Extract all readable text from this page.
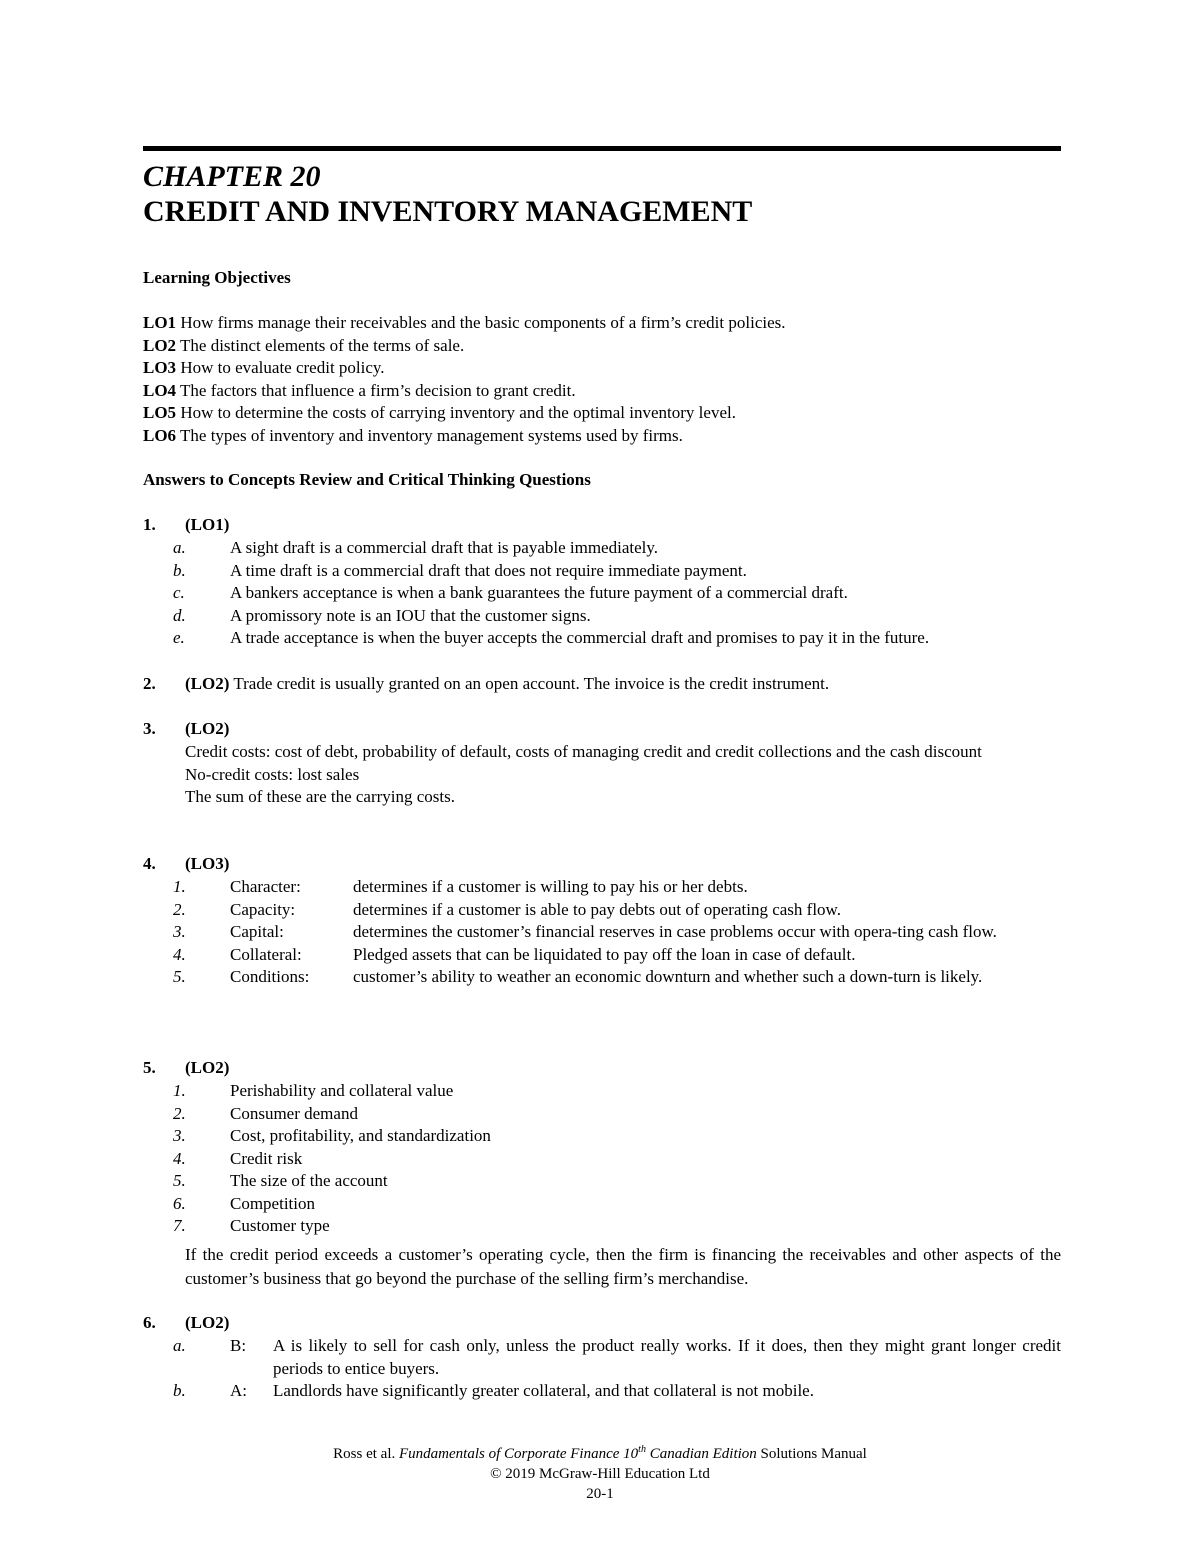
CHAPTER 20
CREDIT AND INVENTORY MANAGEMENT
Learning Objectives
LO1 How firms manage their receivables and the basic components of a firm’s credit policies.
LO2 The distinct elements of the terms of sale.
LO3 How to evaluate credit policy.
LO4 The factors that influence a firm’s decision to grant credit.
LO5 How to determine the costs of carrying inventory and the optimal inventory level.
LO6 The types of inventory and inventory management systems used by firms.
Answers to Concepts Review and Critical Thinking Questions
1. (LO1)
a.	A sight draft is a commercial draft that is payable immediately.
b.	A time draft is a commercial draft that does not require immediate payment.
c.	A bankers acceptance is when a bank guarantees the future payment of a commercial draft.
d.	A promissory note is an IOU that the customer signs.
e.	A trade acceptance is when the buyer accepts the commercial draft and promises to pay it in the future.
2. (LO2) Trade credit is usually granted on an open account. The invoice is the credit instrument.
3. (LO2)
Credit costs: cost of debt, probability of default, costs of managing credit and credit collections and the cash discount
No-credit costs: lost sales
The sum of these are the carrying costs.
4. (LO3)
1.	Character:	determines if a customer is willing to pay his or her debts.
2.	Capacity:	determines if a customer is able to pay debts out of operating cash flow.
3.	Capital:	determines the customer’s financial reserves in case problems occur with opera-ting cash flow.
4.	Collateral:	Pledged assets that can be liquidated to pay off the loan in case of default.
5.	Conditions:	customer’s ability to weather an economic downturn and whether such a down-turn is likely.
5. (LO2)
1.	Perishability and collateral value
2.	Consumer demand
3.	Cost, profitability, and standardization
4.	Credit risk
5.	The size of the account
6.	Competition
7.	Customer type
If the credit period exceeds a customer’s operating cycle, then the firm is financing the receivables and other aspects of the customer’s business that go beyond the purchase of the selling firm’s merchandise.
6. (LO2)
a.	B: A is likely to sell for cash only, unless the product really works. If it does, then they might grant longer credit periods to entice buyers.
b.	A: Landlords have significantly greater collateral, and that collateral is not mobile.
Ross et al. Fundamentals of Corporate Finance 10th Canadian Edition Solutions Manual
© 2019 McGraw-Hill Education Ltd
20-1
